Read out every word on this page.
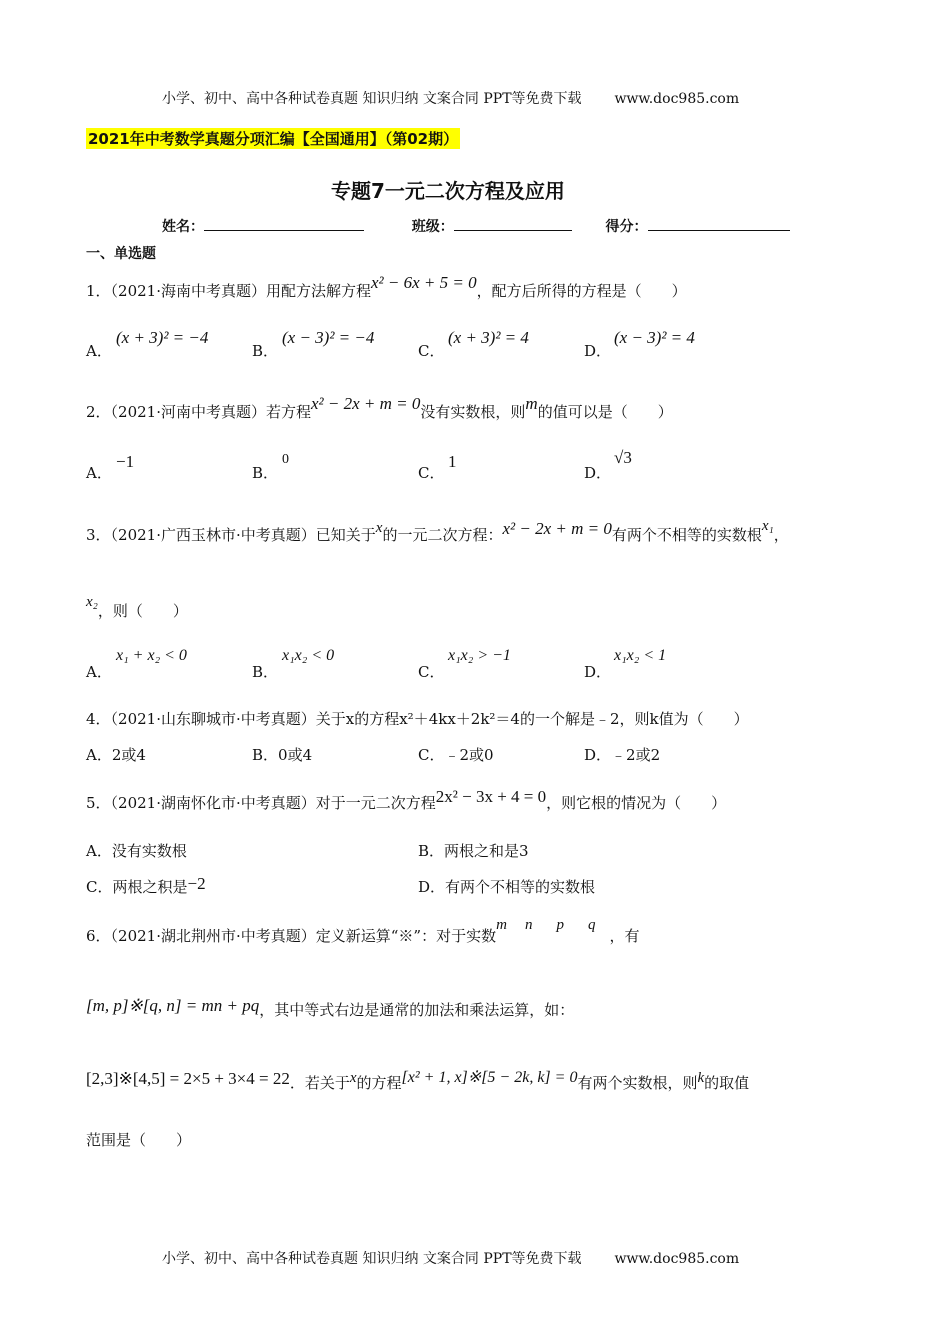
小学、初中、高中各种试卷真题 知识归纳 文案合同 PPT等免费下载 www.doc985.com
2021年中考数学真题分项汇编【全国通用】（第02期）
专题7一元二次方程及应用
姓名：	班级：	得分：
一、单选题
1．（2021·海南中考真题）用配方法解方程x² − 6x + 5 = 0，配方后所得的方程是（　　）
A．
(x + 3)² = −4
B．
(x − 3)² = −4
C．
(x + 3)² = 4
D．
(x − 3)² = 4
2．（2021·河南中考真题）若方程x² − 2x + m = 0没有实数根，则m的值可以是（　　）
A．
−1
B．
0
C．
1
D．
√3
3．（2021·广西玉林市·中考真题）已知关于x的一元二次方程：x² − 2x + m = 0有两个不相等的实数根x₁，
x₂，则（　　）
A．
x₁ + x₂ < 0
B．
x₁x₂ < 0
C．
x₁x₂ > −1
D．
x₁x₂ < 1
4．（2021·山东聊城市·中考真题）关于x的方程x²＋4kx＋2k²＝4的一个解是﹣2，则k值为（　　）
A．2或4	B．0或4	C．﹣2或0	D．﹣2或2
5．（2021·湖南怀化市·中考真题）对于一元二次方程2x² − 3x + 4 = 0，则它根的情况为（　　）
A．没有实数根	B．两根之和是3
C．两根之积是−2	D．有两个不相等的实数根
6．（2021·湖北荆州市·中考真题）定义新运算“※”：对于实数m n p q，有
[m, p]※[q, n] = mn + pq，其中等式右边是通常的加法和乘法运算，如：
[2,3]※[4,5] = 2×5 + 3×4 = 22．若关于x的方程[x² + 1, x]※[5 − 2k, k] = 0有两个实数根，则k的取值
范围是（　　）
小学、初中、高中各种试卷真题 知识归纳 文案合同 PPT等免费下载 www.doc985.com
